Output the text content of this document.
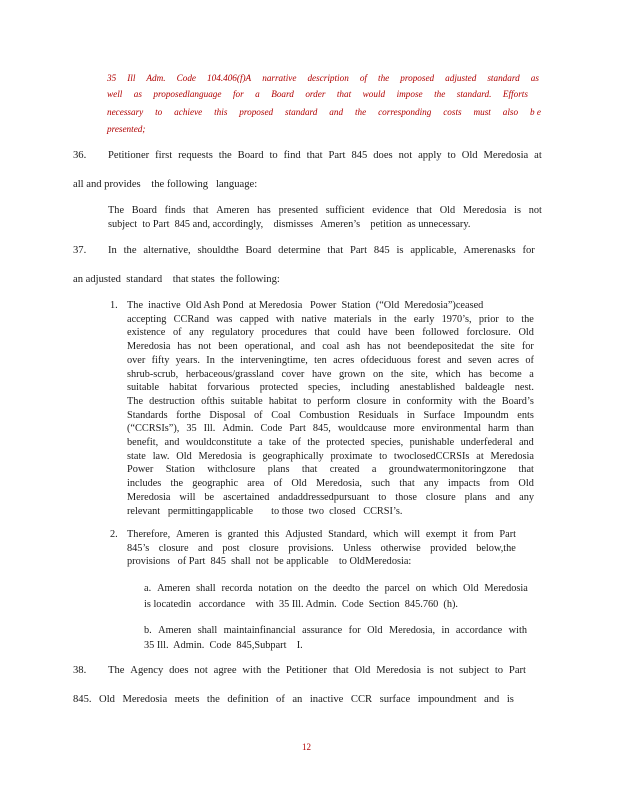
35 Ill Adm. Code 104.406(f)A narrative description of the proposed adjusted standard as
well as proposedlanguage for a Board order that would impose the standard. Efforts
necessary to achieve this proposed standard and the corresponding costs must also b e
presented;
36. Petitioner first requests the Board to find that Part 845 does not apply to Old Meredosia at
all and provides    the following   language:
The Board finds that Ameren has presented sufficient evidence that Old Meredosia is not
subject  to Part  845 and, accordingly,    dismisses   Ameren’s    petition  as unnecessary.
37. In the alternative, shouldthe Board determine that Part 845 is applicable, Amerenasks for
an adjusted  standard    that states  the following:
1. The  inactive  Old Ash Pond  at Meredosia   Power  Station  (“Old  Meredosia”)ceased
accepting CCRand was capped with native materials in the early 1970’s, prior to the
existence of any regulatory procedures that could have been followed forclosure. Old
Meredosia has not been operational, and coal ash has not beendepositedat the site for
over fifty years. In the interveningtime, ten acres ofdeciduous forest and seven acres of
shrub-scrub, herbaceous/grassland cover have grown on the site, which has become a
suitable habitat forvarious protected species, including anestablished baldeagle nest.
The destruction ofthis suitable habitat to perform closure in conformity with the Board’s
Standards forthe Disposal of Coal Combustion Residuals in Surface Impoundm ents
(“CCRSIs”), 35 Ill. Admin. Code Part 845, wouldcause more environmental harm than
benefit, and wouldconstitute a take of the protected species, punishable underfederal and
state law. Old Meredosia is geographically proximate to twoclosedCCRSIs at Meredosia
Power Station withclosure plans that created a groundwatermonitoringzone that
includes the geographic area of Old Meredosia, such that any impacts from Old
Meredosia will be ascertained andaddressedpursuant to those closure plans and any
relevant   permittingapplicable       to those  two  closed   CCRSI’s.
2. Therefore, Ameren is granted this Adjusted Standard, which will exempt it from Part
845’s closure and post closure provisions. Unless otherwise provided below,the
provisions   of Part  845  shall  not  be applicable    to OldMeredosia:
a. Ameren shall recorda notation on the deedto the parcel on which Old Meredosia
is locatedin   accordance    with  35 Ill. Admin.  Code  Section  845.760  (h).
b. Ameren shall maintainfinancial assurance for Old Meredosia, in accordance with
35 Ill.  Admin.  Code  845,Subpart    I.
38. The Agency does not agree with the Petitioner that Old Meredosia is not subject to Part
845. Old Meredosia meets the definition of an inactive CCR surface impoundment and is
12
